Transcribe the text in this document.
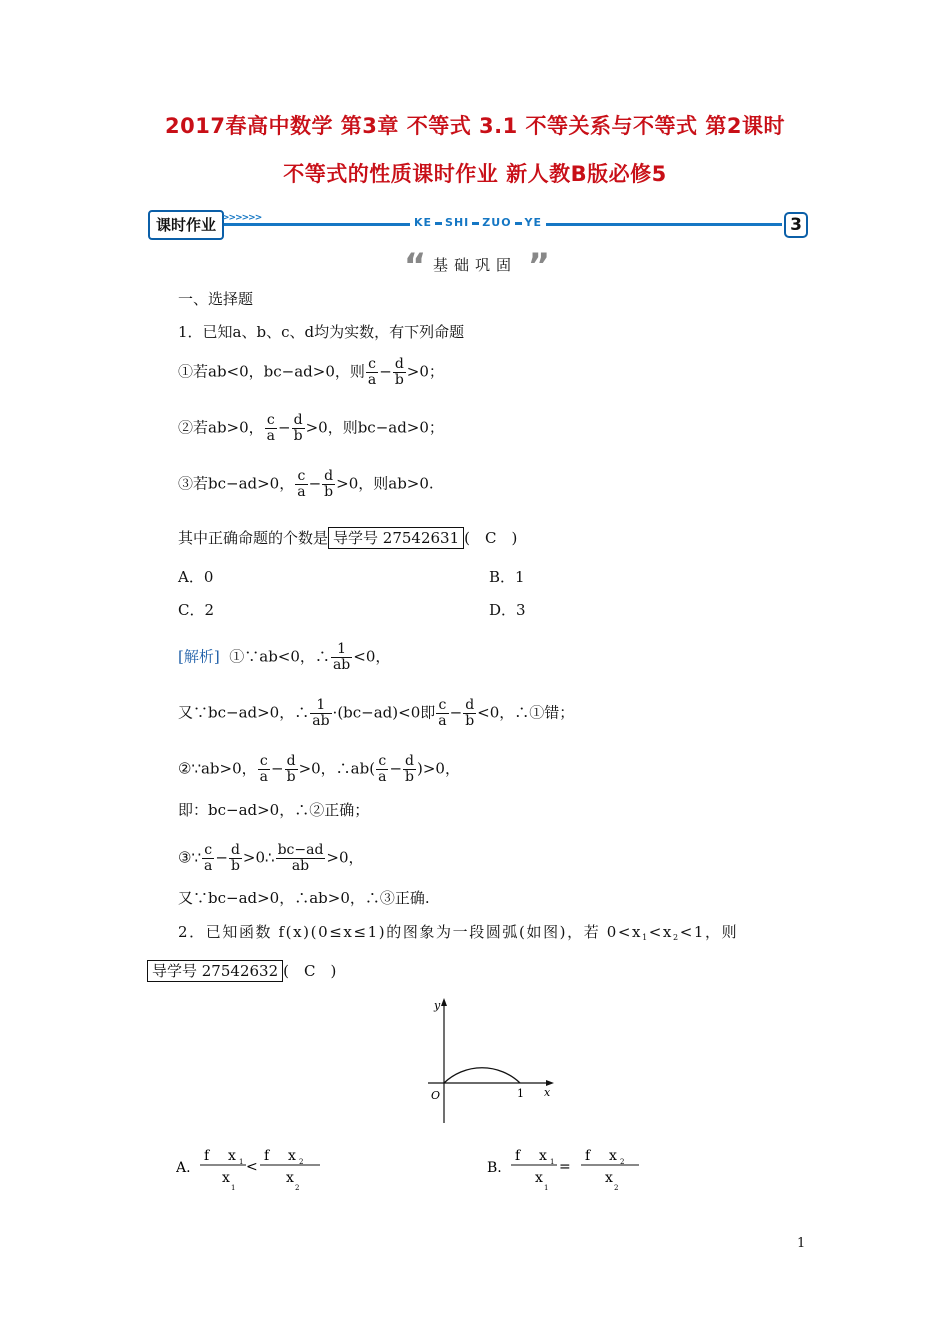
2017春高中数学 第3章 不等式 3.1 不等关系与不等式 第2课时
不等式的性质课时作业 新人教B版必修5
课时作业 >>>>>>	KE SHI ZUO YE	3
“ 基础巩固 ”
一、选择题
1．已知a、b、c、d均为实数，有下列命题
①若ab<0，bc−ad>0，则 $\frac{c}{a} - \frac{d}{b} >0$；
②若ab>0， $\frac{c}{a} - \frac{d}{b} >0$，则bc−ad>0；
③若bc−ad>0， $\frac{c}{a} - \frac{d}{b} >0$，则ab>0.
其中正确命题的个数是 导学号 27542631 (　C　)
A．0	B．1
C．2	D．3
[解析] ①∵ab<0，∴ $\frac{1}{ab} <0$，
又∵bc−ad>0，∴ $\frac{1}{ab} \cdot(bc-ad)<0$即 $\frac{c}{a} - \frac{d}{b} <0$，∴①错；
②∵ab>0， $\frac{c}{a} - \frac{d}{b} >0$，∴ab( $\frac{c}{a} - \frac{d}{b} )>0$，
即：bc−ad>0，∴②正确；
③∵ $\frac{c}{a} - \frac{d}{b}$ >0∴ $\frac{bc-ad}{ab} >0$，
又∵bc−ad>0，∴ab>0，∴③正确.
2．已知函数 f(x)(0≤x≤1)的图象为一段圆弧(如图)，若 $0<x_1<x_2<1$，则
导学号 27542632 (　C　)
y
x
O	1
A.
f x 1
x
1
<
f x 2
x
2
B.
f x 1
x
1
=
f x 2
x
2
1
